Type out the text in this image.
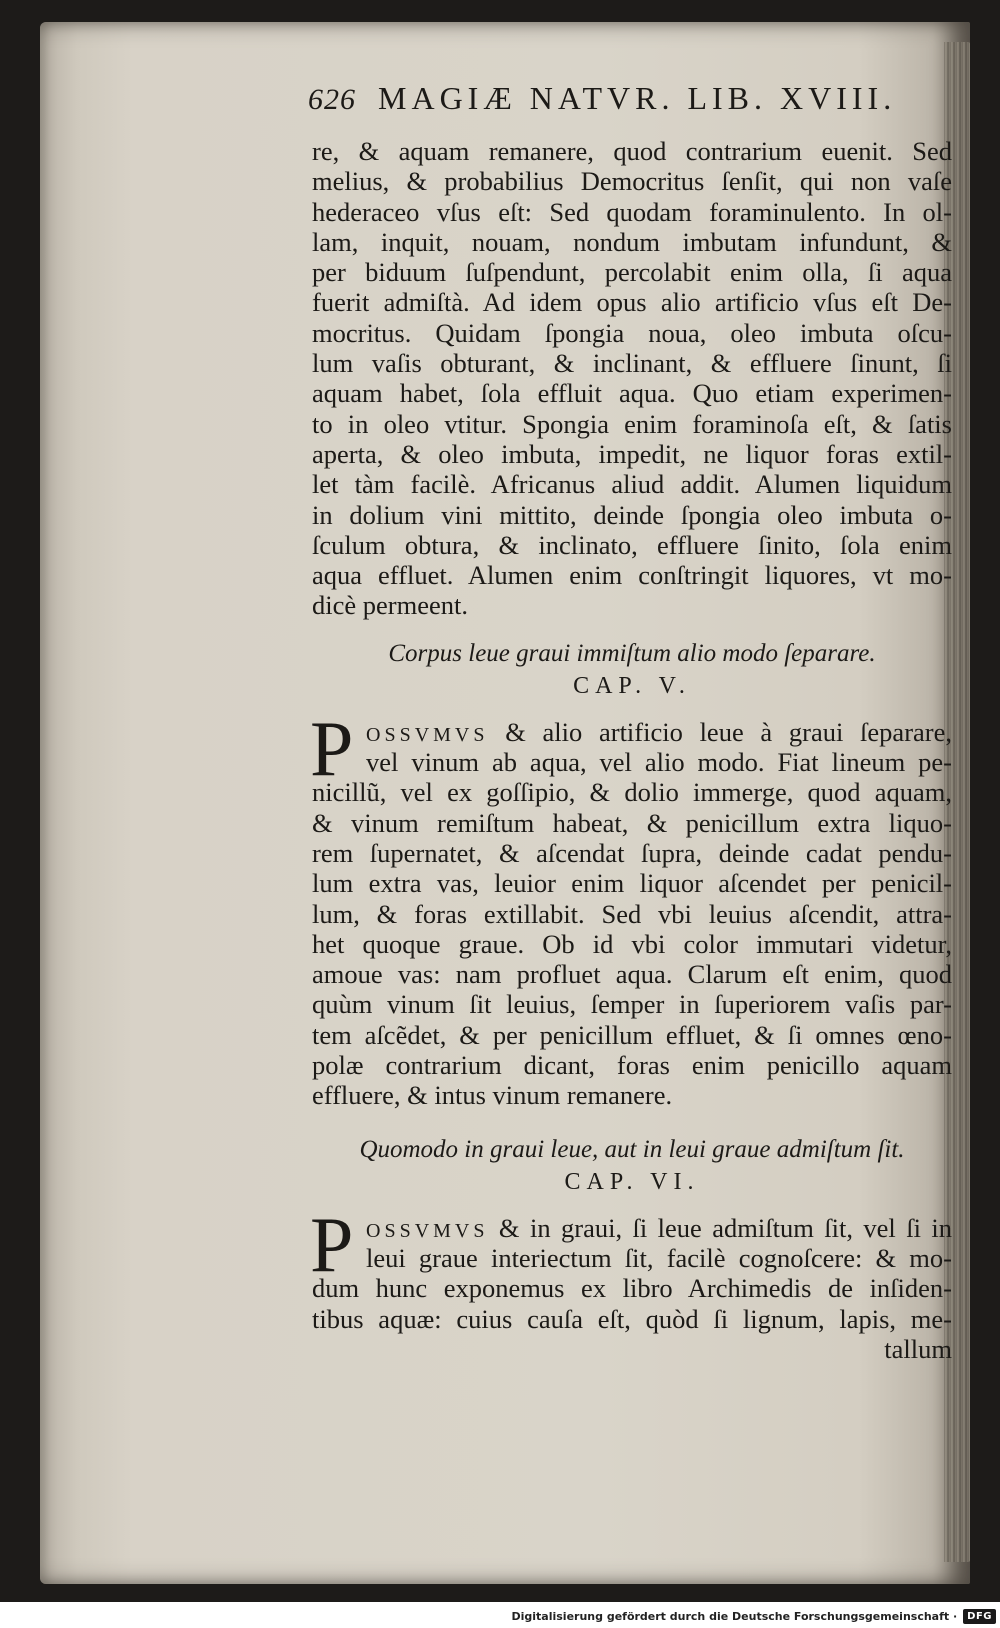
626 MAGIÆ NATVR. LIB. XVIII.
re, & aquam remanere, quod contrarium euenit. Sed
melius, & probabilius Democritus ſenſit, qui non vaſe
hederaceo vſus eſt: Sed quodam foraminulento. In ol-
lam, inquit, nouam, nondum imbutam infundunt, &
per biduum ſuſpendunt, percolabit enim olla, ſi aqua
fuerit admiſtà. Ad idem opus alio artificio vſus eſt De-
mocritus. Quidam ſpongia noua, oleo imbuta oſcu-
lum vaſis obturant, & inclinant, & effluere ſinunt, ſi
aquam habet, ſola effluit aqua. Quo etiam experimen-
to in oleo vtitur. Spongia enim foraminoſa eſt, & ſatis
aperta, & oleo imbuta, impedit, ne liquor foras extil-
let tàm facilè. Africanus aliud addit. Alumen liquidum
in dolium vini mittito, deinde ſpongia oleo imbuta o-
ſculum obtura, & inclinato, effluere ſinito, ſola enim
aqua effluet. Alumen enim conſtringit liquores, vt mo-
dicè permeent.
Corpus leue graui immiſtum alio modo ſeparare.
CAP. V.
P OSSVMVS & alio artificio leue à graui ſeparare,
vel vinum ab aqua, vel alio modo. Fiat lineum pe-
nicillũ, vel ex goſſipio, & dolio immerge, quod aquam,
& vinum remiſtum habeat, & penicillum extra liquo-
rem ſupernatet, & aſcendat ſupra, deinde cadat pendu-
lum extra vas, leuior enim liquor aſcendet per penicil-
lum, & foras extillabit. Sed vbi leuius aſcendit, attra-
het quoque graue. Ob id vbi color immutari videtur,
amoue vas: nam profluet aqua. Clarum eſt enim, quod
quùm vinum ſit leuius, ſemper in ſuperiorem vaſis par-
tem aſcẽdet, & per penicillum effluet, & ſi omnes œno-
polæ contrarium dicant, foras enim penicillo aquam
effluere, & intus vinum remanere.
Quomodo in graui leue, aut in leui graue admiſtum ſit.
CAP. VI.
P OSSVMVS & in graui, ſi leue admiſtum ſit, vel ſi in
leui graue interiectum ſit, facilè cognoſcere: & mo-
dum hunc exponemus ex libro Archimedis de inſiden-
tibus aquæ: cuius cauſa eſt, quòd ſi lignum, lapis, me-
tallum
Digitalisierung gefördert durch die Deutsche Forschungsgemeinschaft ·	DFG
